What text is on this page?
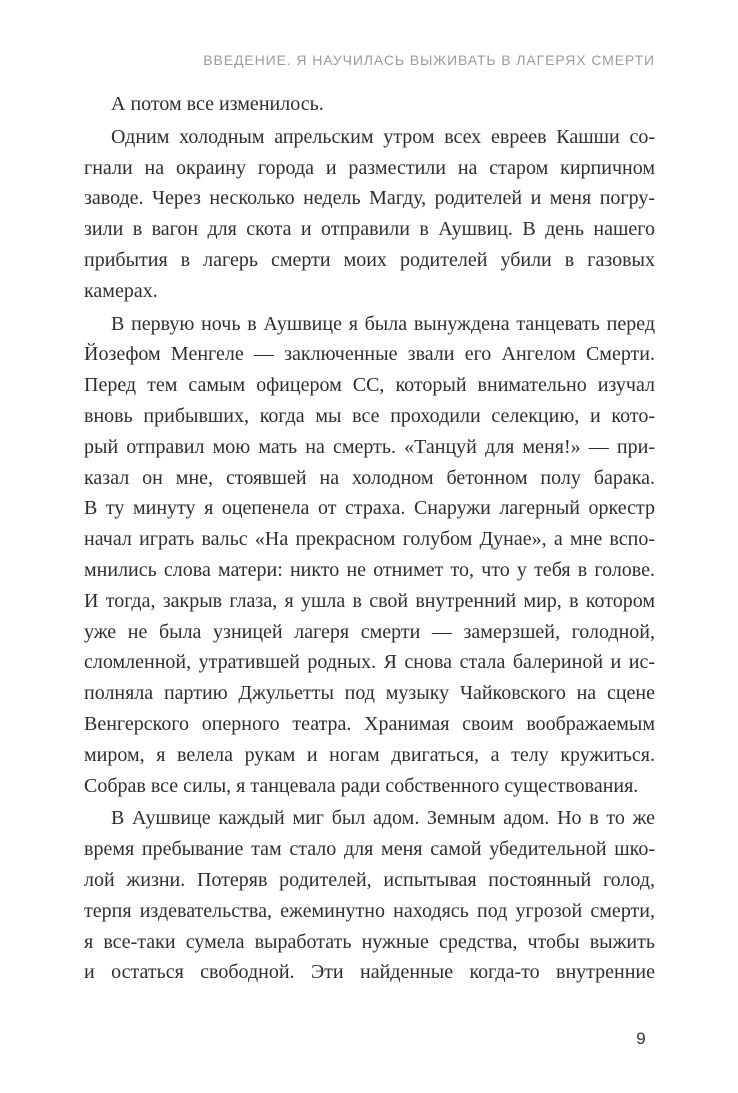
ВВЕДЕНИЕ. Я НАУЧИЛАСЬ ВЫЖИВАТЬ В ЛАГЕРЯХ СМЕРТИ
А потом все изменилось.
Одним холодным апрельским утром всех евреев Кашши со-
гнали на окраину города и разместили на старом кирпичном
заводе. Через несколько недель Магду, родителей и меня погру-
зили в вагон для скота и отправили в Аушвиц. В день нашего
прибытия в лагерь смерти моих родителей убили в газовых
камерах.
В первую ночь в Аушвице я была вынуждена танцевать перед
Йозефом Менгеле — заключенные звали его Ангелом Смерти.
Перед тем самым офицером СС, который внимательно изучал
вновь прибывших, когда мы все проходили селекцию, и кото-
рый отправил мою мать на смерть. «Танцуй для меня!» — при-
казал он мне, стоявшей на холодном бетонном полу барака.
В ту минуту я оцепенела от страха. Снаружи лагерный оркестр
начал играть вальс «На прекрасном голубом Дунае», а мне вспо-
мнились слова матери: никто не отнимет то, что у тебя в голове.
И тогда, закрыв глаза, я ушла в свой внутренний мир, в котором
уже не была узницей лагеря смерти — замерзшей, голодной,
сломленной, утратившей родных. Я снова стала балериной и ис-
полняла партию Джульетты под музыку Чайковского на сцене
Венгерского оперного театра. Хранимая своим воображаемым
миром, я велела рукам и ногам двигаться, а телу кружиться.
Собрав все силы, я танцевала ради собственного существования.
В Аушвице каждый миг был адом. Земным адом. Но в то же
время пребывание там стало для меня самой убедительной шко-
лой жизни. Потеряв родителей, испытывая постоянный голод,
терпя издевательства, ежеминутно находясь под угрозой смерти,
я все-таки сумела выработать нужные средства, чтобы выжить
и остаться свободной. Эти найденные когда-то внутренние
9
